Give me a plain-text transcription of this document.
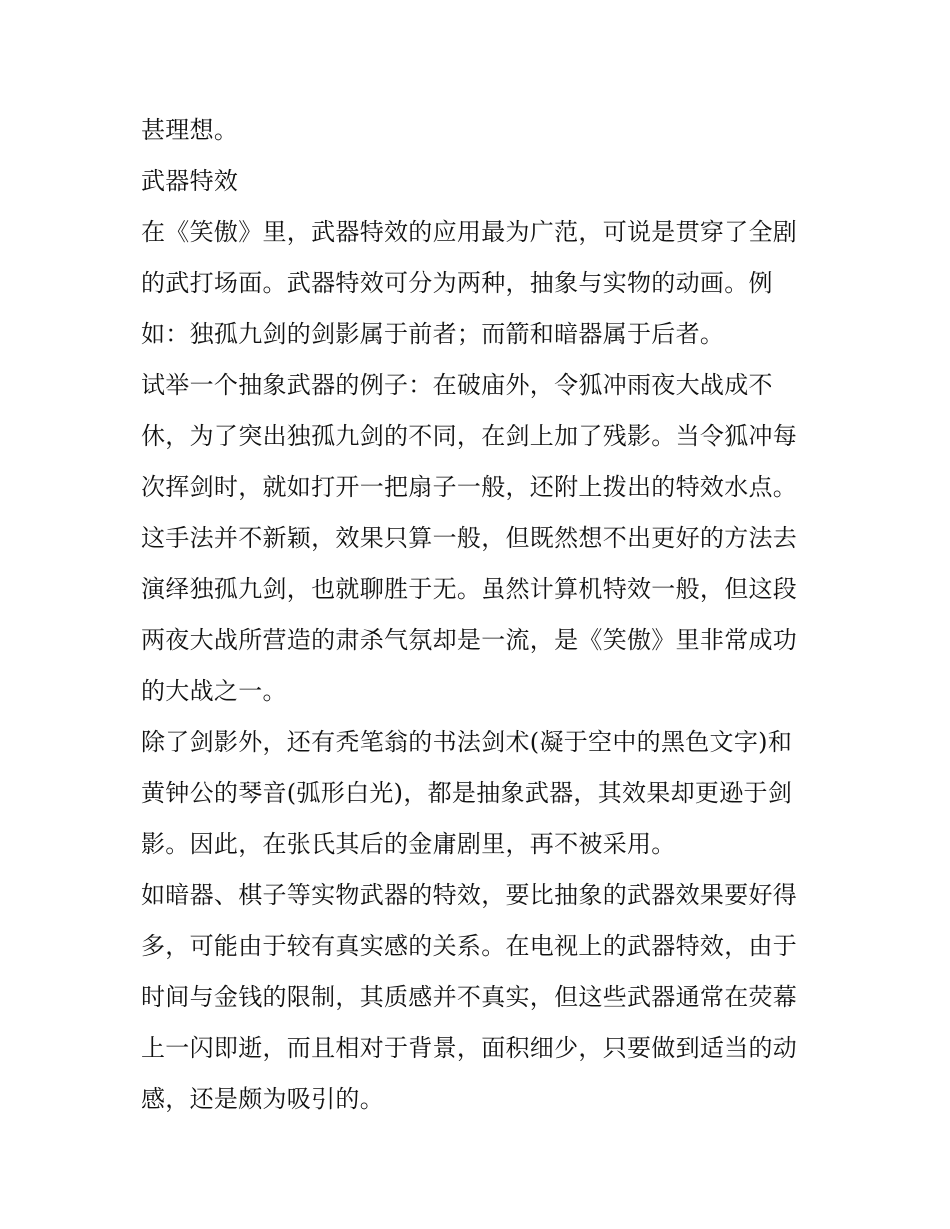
甚理想。

武器特效

在《笑傲》里，武器特效的应用最为广范，可说是贯穿了全剧

的武打场面。武器特效可分为两种，抽象与实物的动画。例

如：独孤九剑的剑影属于前者；而箭和暗器属于后者。

试举一个抽象武器的例子：在破庙外，令狐冲雨夜大战成不

休，为了突出独孤九剑的不同，在剑上加了残影。当令狐冲每

次挥剑时，就如打开一把扇子一般，还附上拨出的特效水点。

这手法并不新颖，效果只算一般，但既然想不出更好的方法去

演绎独孤九剑，也就聊胜于无。虽然计算机特效一般，但这段

两夜大战所营造的肃杀气氛却是一流，是《笑傲》里非常成功

的大战之一。

除了剑影外，还有秃笔翁的书法剑术(凝于空中的黑色文字)和

黄钟公的琴音(弧形白光)，都是抽象武器，其效果却更逊于剑

影。因此，在张氏其后的金庸剧里，再不被采用。

如暗器、棋子等实物武器的特效，要比抽象的武器效果要好得

多，可能由于较有真实感的关系。在电视上的武器特效，由于

时间与金钱的限制，其质感并不真实，但这些武器通常在荧幕

上一闪即逝，而且相对于背景，面积细少，只要做到适当的动

感，还是颇为吸引的。
